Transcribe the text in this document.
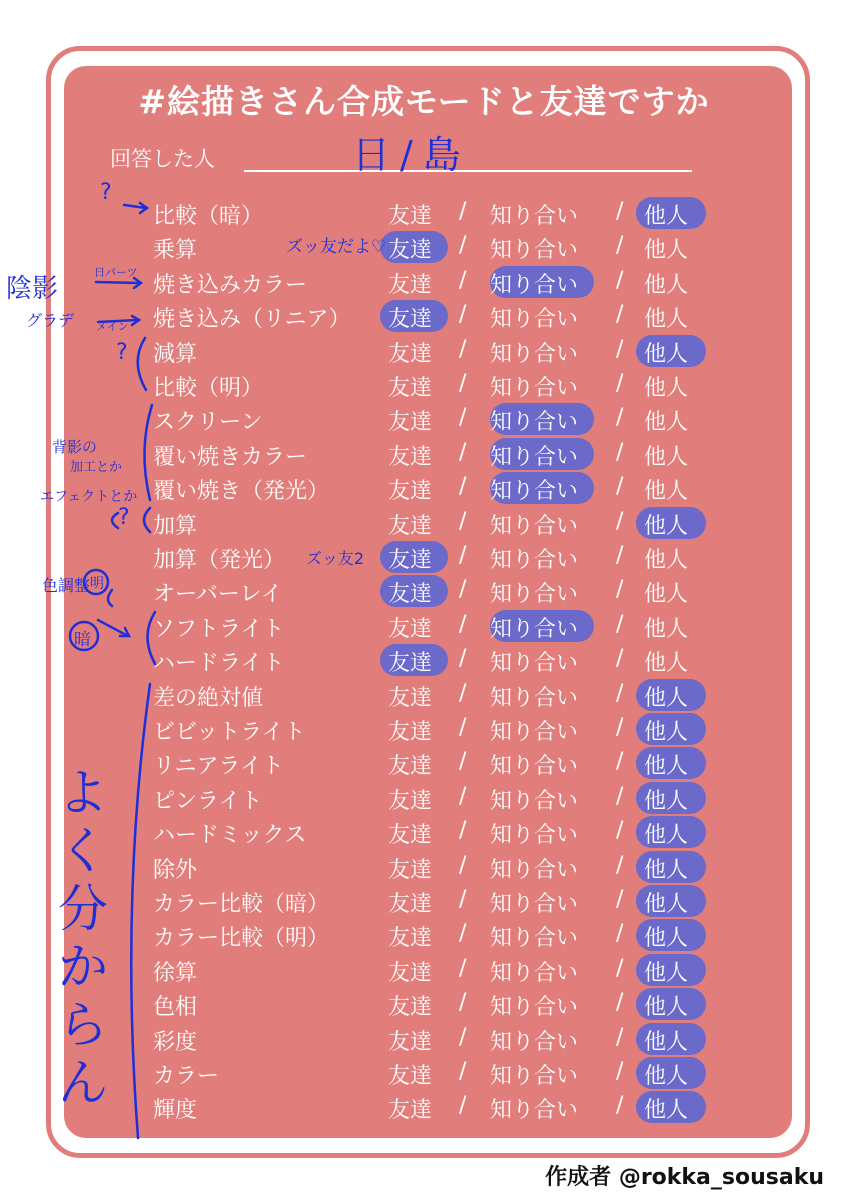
#絵描きさん合成モードと友達ですか
回答した人	日/島
比較（暗）	友達 / 知り合い / 他人
乗算	友達 / 知り合い / 他人
焼き込みカラー	友達 / 知り合い / 他人
焼き込み（リニア） 友達 / 知り合い / 他人
減算	友達 / 知り合い / 他人
比較（明）	友達 / 知り合い / 他人
スクリーン	友達 / 知り合い / 他人
覆い焼きカラー	友達 / 知り合い / 他人
覆い焼き（発光）	友達 / 知り合い / 他人
加算	友達 / 知り合い / 他人
加算（発光）	友達 / 知り合い / 他人
オーバーレイ	友達 / 知り合い / 他人
ソフトライト	友達 / 知り合い / 他人
ハードライト	友達 / 知り合い / 他人
差の絶対値	友達 / 知り合い / 他人
ビビットライト	友達 / 知り合い / 他人
リニアライト	友達 / 知り合い / 他人
ピンライト	友達 / 知り合い / 他人
ハードミックス	友達 / 知り合い / 他人
除外	友達 / 知り合い / 他人
カラー比較（暗）	友達 / 知り合い / 他人
カラー比較（明）	友達 / 知り合い / 他人
徐算	友達 / 知り合い / 他人
色相	友達 / 知り合い / 他人
彩度	友達 / 知り合い / 他人
カラー	友達 / 知り合い / 他人
輝度	友達 / 知り合い / 他人
?
ズッ友だよ♡
陰影
グラデ
日パーツ
メイン
?
背影の
加工とか
エフェクトとか
?
ズッ友2
色調整 明
暗
よく分からん
作成者 @rokka_sousaku
